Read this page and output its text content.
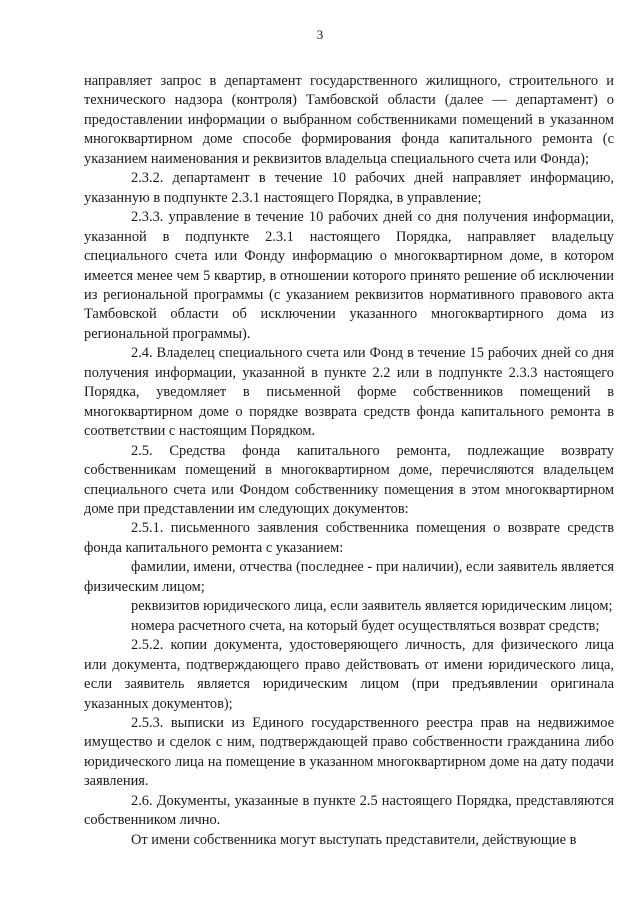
3

направляет запрос в департамент государственного жилищного, строительного и технического надзора (контроля) Тамбовской области (далее — департамент) о предоставлении информации о выбранном собственниками помещений в указанном многоквартирном доме способе формирования фонда капитального ремонта (с указанием наименования и реквизитов владельца специального счета или Фонда);

2.3.2. департамент в течение 10 рабочих дней направляет информацию, указанную в подпункте 2.3.1 настоящего Порядка, в управление;

2.3.3. управление в течение 10 рабочих дней со дня получения информации, указанной в подпункте 2.3.1 настоящего Порядка, направляет владельцу специального счета или Фонду информацию о многоквартирном доме, в котором имеется менее чем 5 квартир, в отношении которого принято решение об исключении из региональной программы (с указанием реквизитов нормативного правового акта Тамбовской области об исключении указанного многоквартирного дома из региональной программы).

2.4. Владелец специального счета или Фонд в течение 15 рабочих дней со дня получения информации, указанной в пункте 2.2 или в подпункте 2.3.3 настоящего Порядка, уведомляет в письменной форме собственников помещений в многоквартирном доме о порядке возврата средств фонда капитального ремонта в соответствии с настоящим Порядком.

2.5. Средства фонда капитального ремонта, подлежащие возврату собственникам помещений в многоквартирном доме, перечисляются владельцем специального счета или Фондом собственнику помещения в этом многоквартирном доме при представлении им следующих документов:

2.5.1. письменного заявления собственника помещения о возврате средств фонда капитального ремонта с указанием:

фамилии, имени, отчества (последнее - при наличии), если заявитель является физическим лицом;

реквизитов юридического лица, если заявитель является юридическим лицом;

номера расчетного счета, на который будет осуществляться возврат средств;

2.5.2. копии документа, удостоверяющего личность, для физического лица или документа, подтверждающего право действовать от имени юридического лица, если заявитель является юридическим лицом (при предъявлении оригинала указанных документов);

2.5.3. выписки из Единого государственного реестра прав на недвижимое имущество и сделок с ним, подтверждающей право собственности гражданина либо юридического лица на помещение в указанном многоквартирном доме на дату подачи заявления.

2.6. Документы, указанные в пункте 2.5 настоящего Порядка, представляются собственником лично.

От имени собственника могут выступать представители, действующие в
